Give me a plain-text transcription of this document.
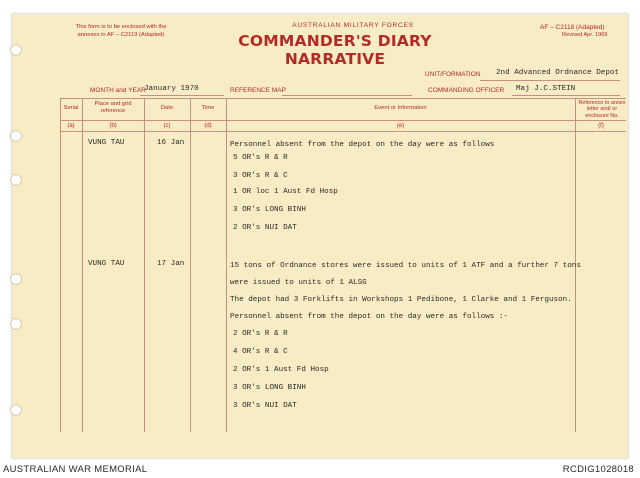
This form is to be enclosed with the
annexes in AF – C2119 (Adapted)
AUSTRALIAN MILITARY FORCES
COMMANDER'S DIARY NARRATIVE
AF – C2118 (Adapted)
Revised Apr. 1969
UNIT/FORMATION 2nd Advanced Ordnance Depot
MONTH and YEAR
January 1970	REFERENCE MAP	COMMANDING OFFICER Maj J.C.STEIN
Serial
Place and grid reference	Date	Time	Event or Information
Reference to annex letter and/ or enclosure No.
(a)	(b)	(c)	(d)	(e)	(f)
VUNG TAU	16 Jan	Personnel absent from the depot on the day were as follows
5 OR's R & R
3 OR's R & C
1 OR loc 1 Aust Fd Hosp
3 OR's LONG BINH
2 OR's NUI DAT
VUNG TAU	17 Jan	15 tons of Ordnance stores were issued to units of 1 ATF and a further 7 tons
were issued to units of 1 ALSG
The depot had 3 Forklifts in Workshops 1 Pedibone, 1 Clarke and 1 Ferguson.
Personnel absent from the depot on the day were as follows :-
2 OR's R & R
4 OR's R & C
2 OR's 1 Aust Fd Hosp
3 OR's LONG BINH
3 OR's NUI DAT
AUSTRALIAN WAR MEMORIAL	RCDIG1028018
